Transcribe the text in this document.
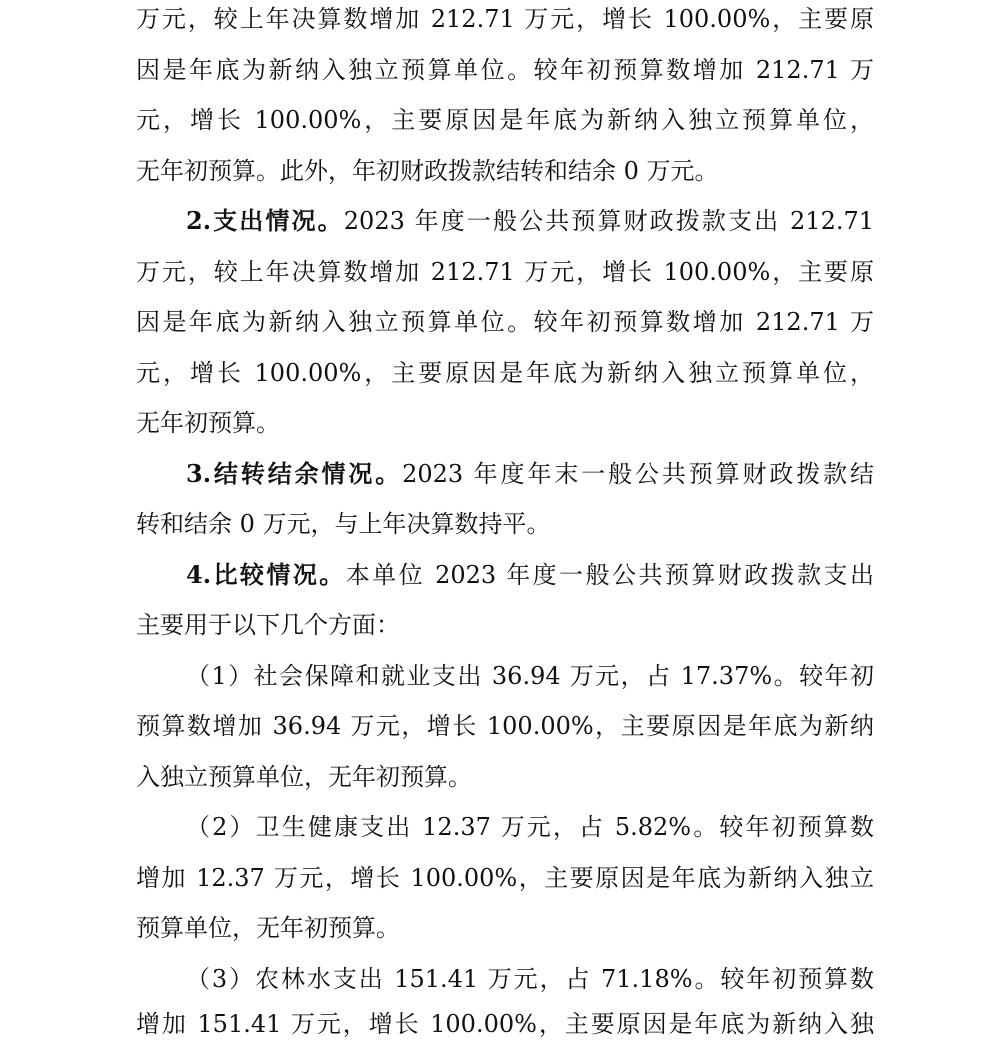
万元，较上年决算数增加 212.71 万元，增长 100.00%，主要原
因是年底为新纳入独立预算单位。较年初预算数增加 212.71 万
元，增长 100.00%，主要原因是年底为新纳入独立预算单位，
无年初预算。此外，年初财政拨款结转和结余 0 万元。
2.支出情况。2023 年度一般公共预算财政拨款支出 212.71
万元，较上年决算数增加 212.71 万元，增长 100.00%，主要原
因是年底为新纳入独立预算单位。较年初预算数增加 212.71 万
元，增长 100.00%，主要原因是年底为新纳入独立预算单位，
无年初预算。
3.结转结余情况。2023 年度年末一般公共预算财政拨款结
转和结余 0 万元，与上年决算数持平。
4.比较情况。本单位 2023 年度一般公共预算财政拨款支出
主要用于以下几个方面：
（1）社会保障和就业支出 36.94 万元，占 17.37%。较年初
预算数增加 36.94 万元，增长 100.00%，主要原因是年底为新纳
入独立预算单位，无年初预算。
（2）卫生健康支出 12.37 万元，占 5.82%。较年初预算数
增加 12.37 万元，增长 100.00%，主要原因是年底为新纳入独立
预算单位，无年初预算。
（3）农林水支出 151.41 万元，占 71.18%。较年初预算数
增加 151.41 万元，增长 100.00%，主要原因是年底为新纳入独
